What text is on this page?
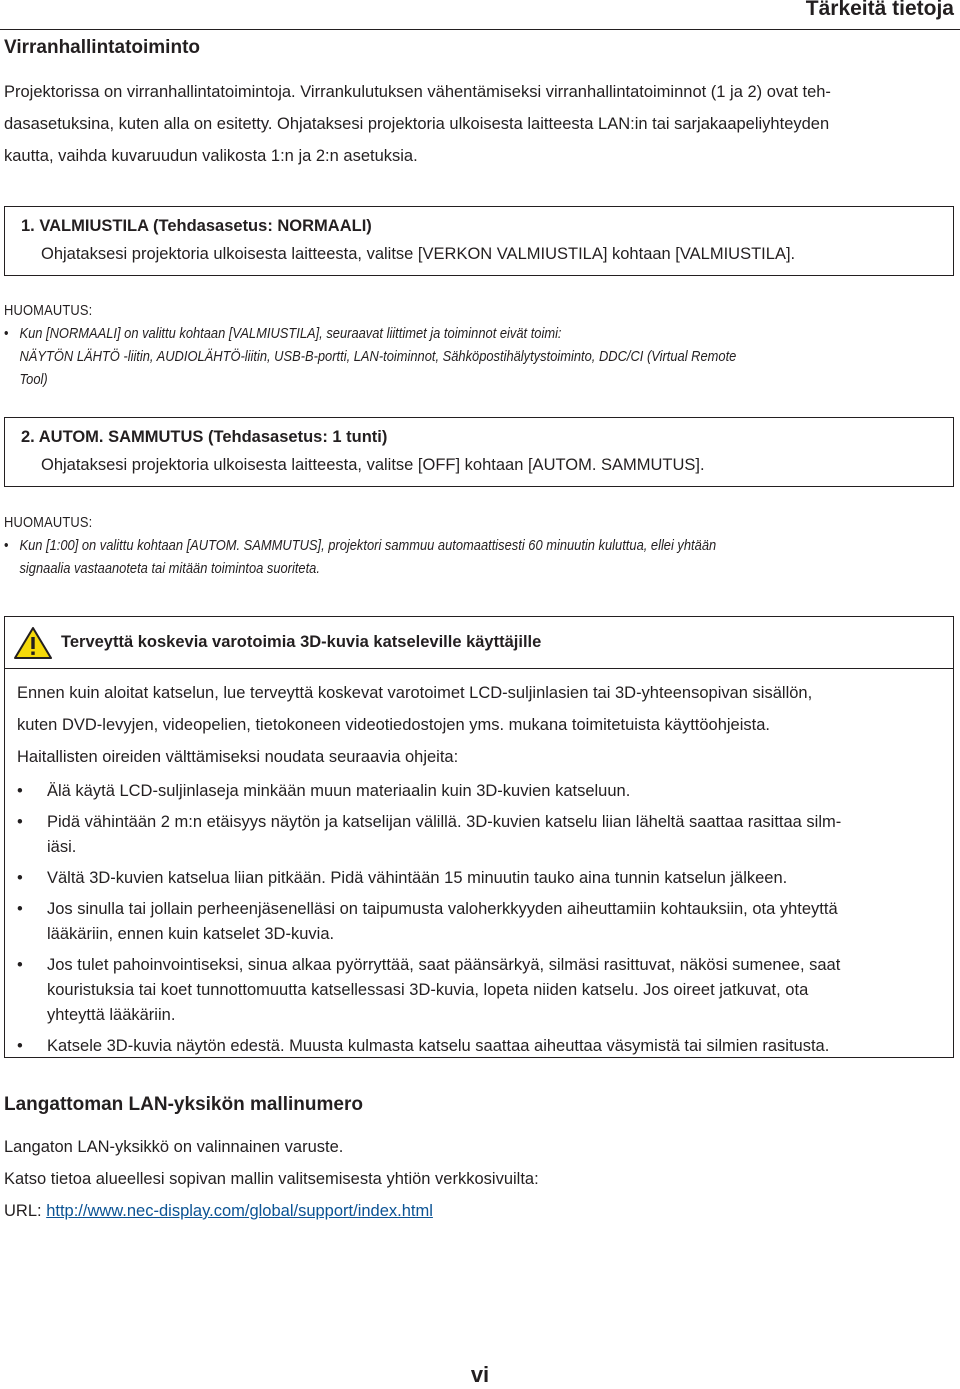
Tärkeitä tietoja
Virranhallintatoiminto
Projektorissa on virranhallintatoimintoja. Virrankulutuksen vähentämiseksi virranhallintatoiminnot (1 ja 2) ovat teh-
dasasetuksina, kuten alla on esitetty. Ohjataksesi projektoria ulkoisesta laitteesta LAN:in tai sarjakaapeliyhteyden
kautta, vaihda kuvaruudun valikosta 1:n ja 2:n asetuksia.
1. VALMIUSTILA (Tehdasasetus: NORMAALI)
Ohjataksesi projektoria ulkoisesta laitteesta, valitse [VERKON VALMIUSTILA] kohtaan [VALMIUSTILA].
HUOMAUTUS:
• Kun [NORMAALI] on valittu kohtaan [VALMIUSTILA], seuraavat liittimet ja toiminnot eivät toimi:
NÄYTÖN LÄHTÖ -liitin, AUDIOLÄHTÖ-liitin, USB-B-portti, LAN-toiminnot, Sähköpostihälytystoiminto, DDC/CI (Virtual Remote
Tool)
2. AUTOM. SAMMUTUS (Tehdasasetus: 1 tunti)
Ohjataksesi projektoria ulkoisesta laitteesta, valitse [OFF] kohtaan [AUTOM. SAMMUTUS].
HUOMAUTUS:
• Kun [1:00] on valittu kohtaan [AUTOM. SAMMUTUS], projektori sammuu automaattisesti 60 minuutin kuluttua, ellei yhtään
signaalia vastaanoteta tai mitään toimintoa suoriteta.
Terveyttä koskevia varotoimia 3D-kuvia katseleville käyttäjille

Ennen kuin aloitat katselun, lue terveyttä koskevat varotoimet LCD-suljinlasien tai 3D-yhteensopivan sisällön,

kuten DVD-levyjen, videopelien, tietokoneen videotiedostojen yms. mukana toimitetuista käyttöohjeista.

Haitallisten oireiden välttämiseksi noudata seuraavia ohjeita:

•	Älä käytä LCD-suljinlaseja minkään muun materiaalin kuin 3D-kuvien katseluun.
•	Pidä vähintään 2 m:n etäisyys näytön ja katselijan välillä. 3D-kuvien katselu liian läheltä saattaa rasittaa silm-
iäsi.
•	Vältä 3D-kuvien katselua liian pitkään. Pidä vähintään 15 minuutin tauko aina tunnin katselun jälkeen.
•	Jos sinulla tai jollain perheenjäsenelläsi on taipumusta valoherkkyyden aiheuttamiin kohtauksiin, ota yhteyttä
lääkäriin, ennen kuin katselet 3D-kuvia.
•	Jos tulet pahoinvointiseksi, sinua alkaa pyörryttää, saat päänsärkyä, silmäsi rasittuvat, näkösi sumenee, saat
kouristuksia tai koet tunnottomuutta katsellessasi 3D-kuvia, lopeta niiden katselu. Jos oireet jatkuvat, ota
yhteyttä lääkäriin.
•	Katsele 3D-kuvia näytön edestä. Muusta kulmasta katselu saattaa aiheuttaa väsymistä tai silmien rasitusta.
Langattoman LAN-yksikön mallinumero

Langaton LAN-yksikkö on valinnainen varuste.

Katso tietoa alueellesi sopivan mallin valitsemisesta yhtiön verkkosivuilta:

URL: http://www.nec-display.com/global/support/index.html

vi
